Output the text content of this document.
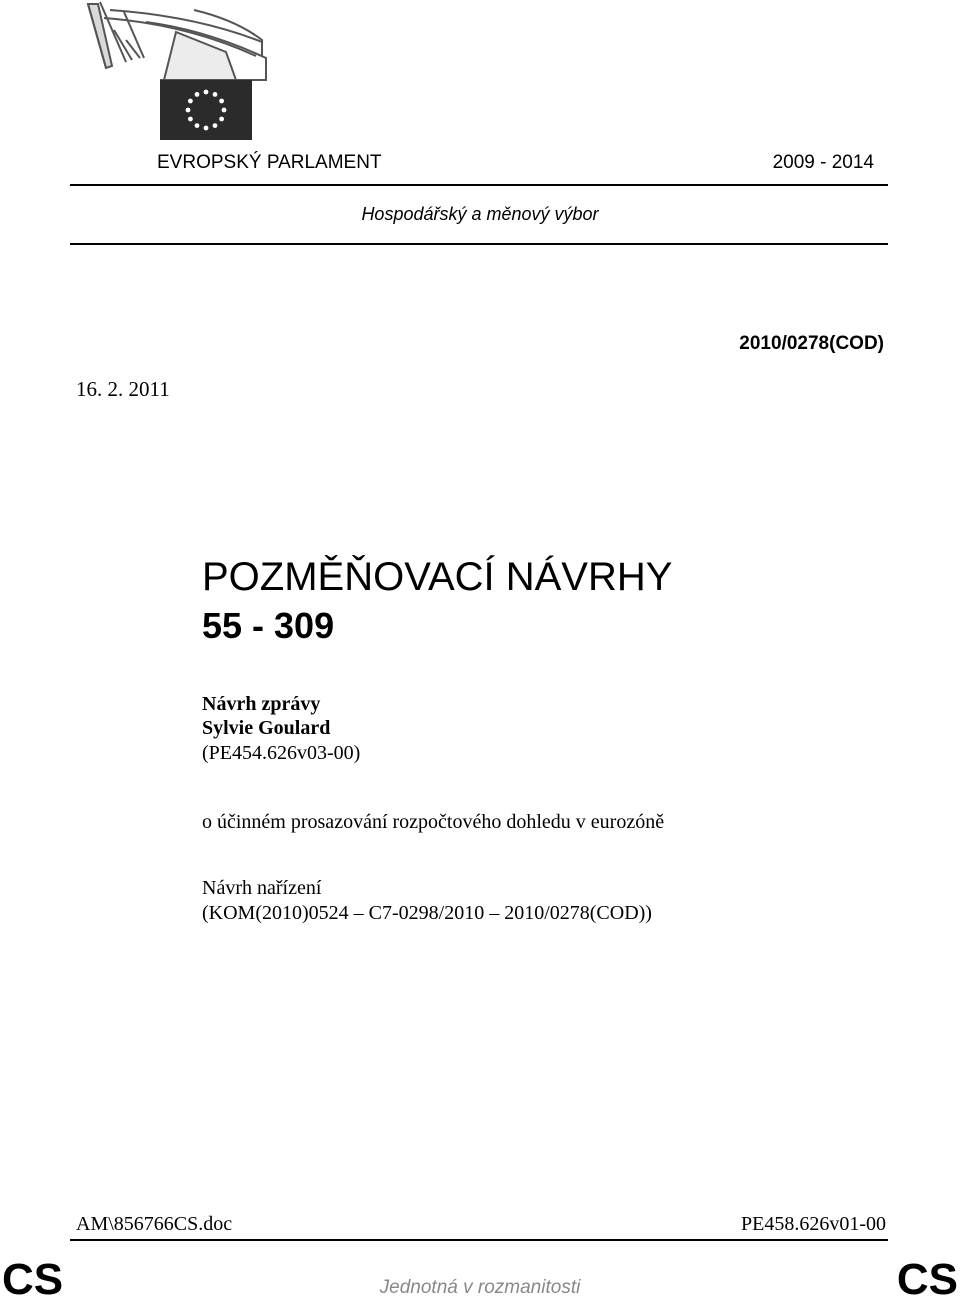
EVROPSKÝ PARLAMENT	2009 - 2014
Hospodářský a měnový výbor
2010/0278(COD)
16. 2. 2011
POZMĚŇOVACÍ NÁVRHY
55 - 309
Návrh zprávy
Sylvie Goulard
(PE454.626v03-00)
o účinném prosazování rozpočtového dohledu v eurozóně
Návrh nařízení
(KOM(2010)0524 – C7-0298/2010 – 2010/0278(COD))
AM\856766CS.doc	PE458.626v01-00
CS	Jednotná v rozmanitosti	CS
